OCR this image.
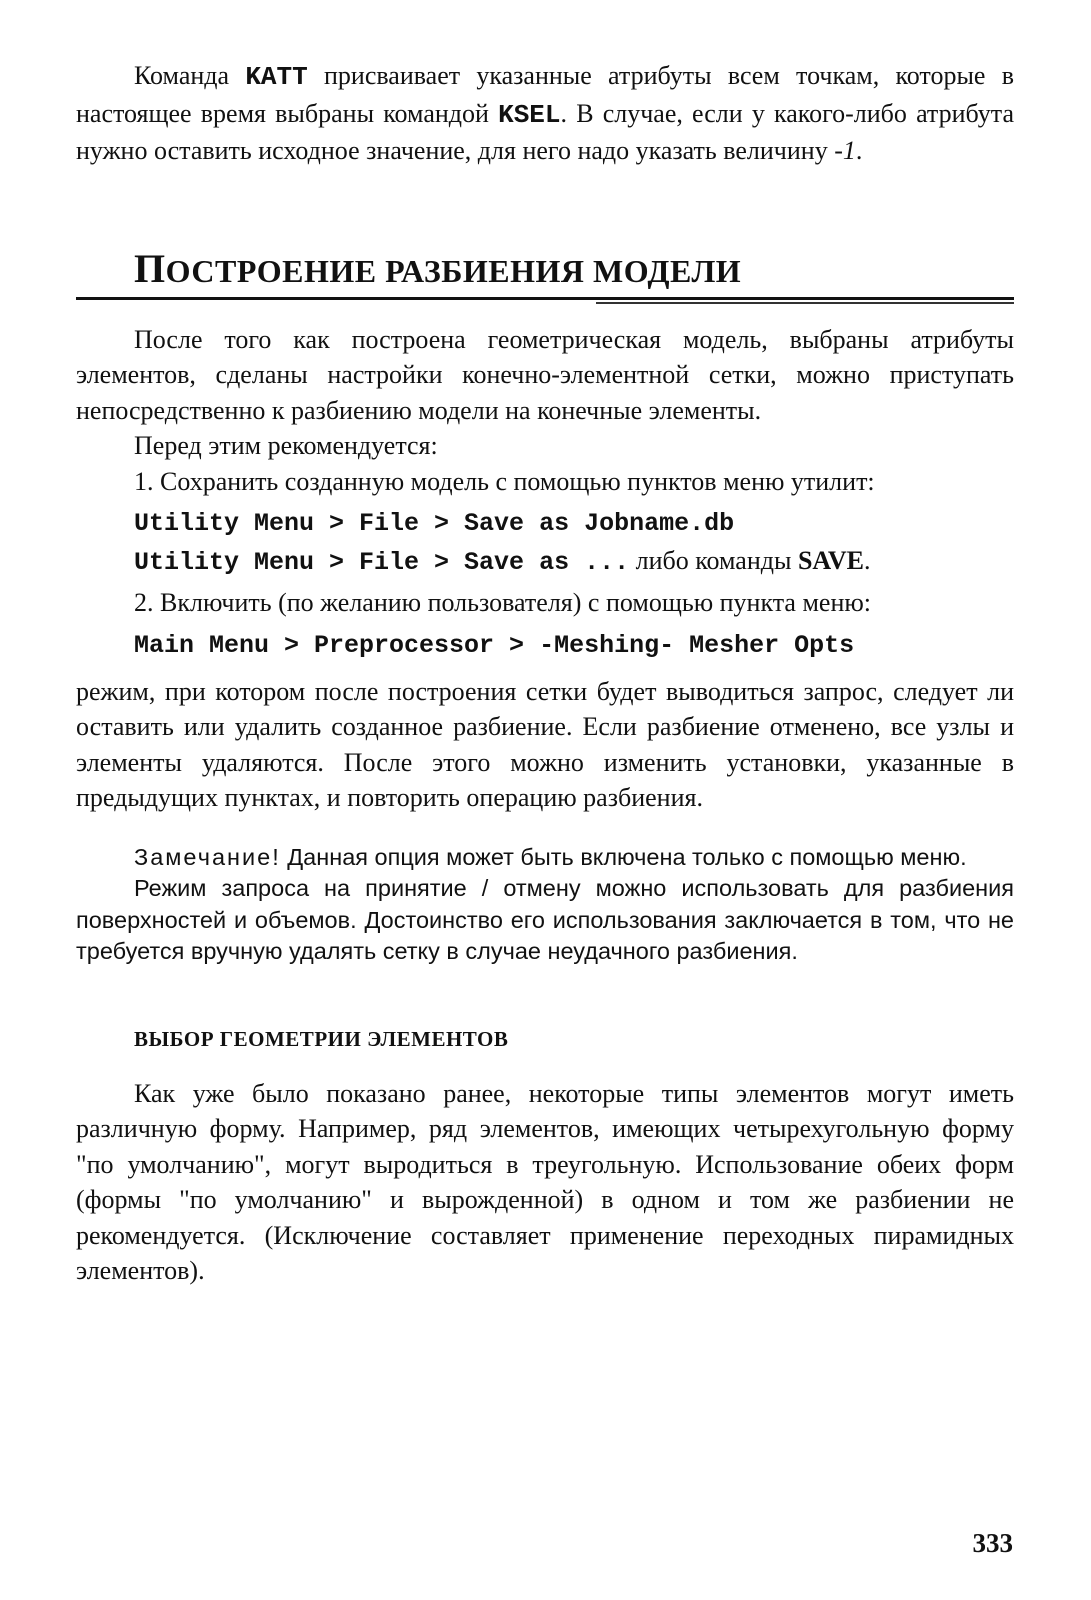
Команда KATT присваивает указанные атрибуты всем точкам, которые в настоящее время выбраны командой KSEL. В случае, если у какого-либо атрибута нужно оставить исходное значение, для него надо указать величину -1.

ПОСТРОЕНИЕ РАЗБИЕНИЯ МОДЕЛИ

После того как построена геометрическая модель, выбраны атрибуты элементов, сделаны настройки конечно-элементной сетки, можно приступать непосредственно к разбиению модели на конечные элементы.

Перед этим рекомендуется:

1. Сохранить созданную модель с помощью пунктов меню утилит:

Utility Menu > File > Save as Jobname.db
Utility Menu > File > Save as ... либо команды SAVE.

2. Включить (по желанию пользователя) с помощью пункта меню:

Main Menu > Preprocessor > -Meshing- Mesher Opts

режим, при котором после построения сетки будет выводиться запрос, следует ли оставить или удалить созданное разбиение. Если разбиение отменено, все узлы и элементы удаляются. После этого можно изменить установки, указанные в предыдущих пунктах, и повторить операцию разбиения.

Замечание! Данная опция может быть включена только с помощью меню.

Режим запроса на принятие / отмену можно использовать для разбиения поверхностей и объемов. Достоинство его использования заключается в том, что не требуется вручную удалять сетку в случае неудачного разбиения.

ВЫБОР ГЕОМЕТРИИ ЭЛЕМЕНТОВ

Как уже было показано ранее, некоторые типы элементов могут иметь различную форму. Например, ряд элементов, имеющих четырехугольную форму "по умолчанию", могут выродиться в треугольную. Использование обеих форм (формы "по умолчанию" и вырожденной) в одном и том же разбиении не рекомендуется. (Исключение составляет применение переходных пирамидных элементов).

333
